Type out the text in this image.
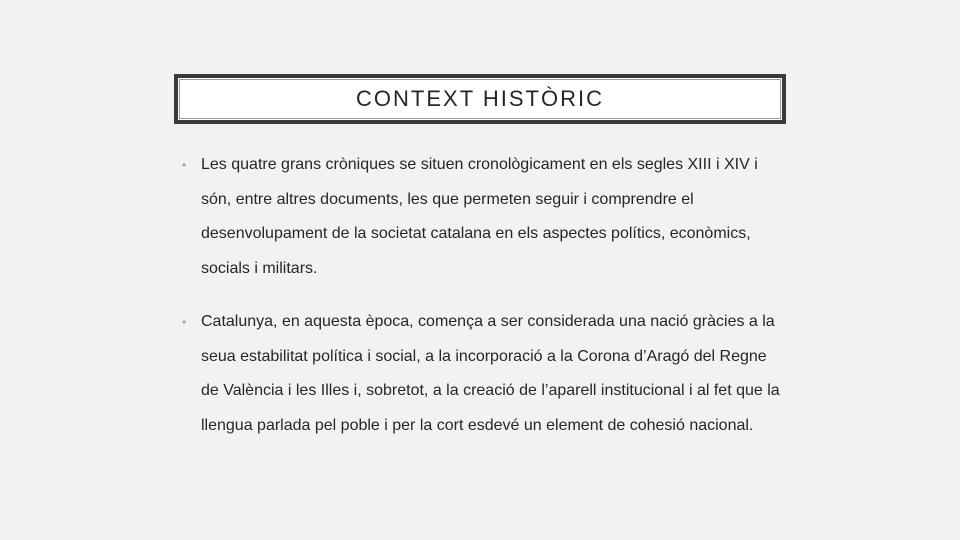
CONTEXT HISTÒRIC
• Les quatre grans cròniques se situen cronològicament en els segles XIII i XIV i són, entre altres documents, les que permeten seguir i comprendre el desenvolupament de la societat catalana en els aspectes polítics, econòmics, socials i militars.
• Catalunya, en aquesta època, comença a ser considerada una nació gràcies a la seua estabilitat política i social, a la incorporació a la Corona d’Aragó del Regne de València i les Illes i, sobretot, a la creació de l’aparell institucional i al fet que la llengua parlada pel poble i per la cort esdevé un element de cohesió nacional.
